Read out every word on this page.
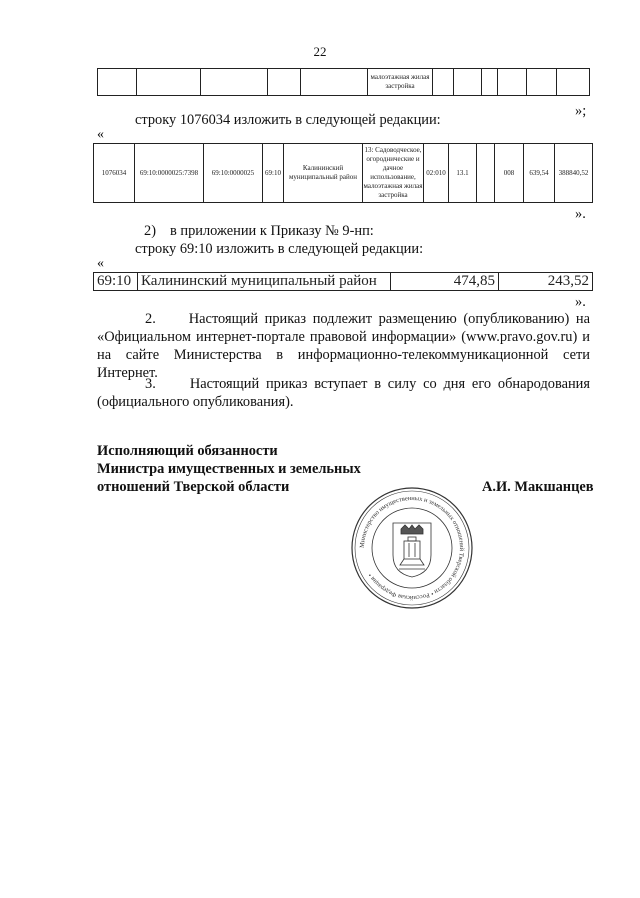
22
					малоэтажная жилая застройка						
»;
строку 1076034 изложить в следующей редакции:
«
1076034	69:10:0000025:7398	69:10:0000025	69:10	Калининский муниципальный район	13: Садоводческое, огороднические и дачное использование, малоэтажная жилая застройка	02:010	13.1		008	639,54	388840,52
».
2) в приложении к Приказу № 9-нп:
строку 69:10 изложить в следующей редакции:
«
69:10	Калининский муниципальный район	474,85	243,52
».
2.     Настоящий приказ подлежит размещению (опубликованию) на «Официальном интернет-портале правовой информации» (www.pravo.gov.ru) и на сайте Министерства в информационно-телекоммуникационной сети Интернет.
3.     Настоящий приказ вступает в силу со дня его обнародования (официального опубликования).
Исполняющий обязанности
Министра имущественных и земельных
отношений Тверской области	А.И. Макшанцев
Министерство имущественных и земельных отношений Тверской области • Российская Федерация •
